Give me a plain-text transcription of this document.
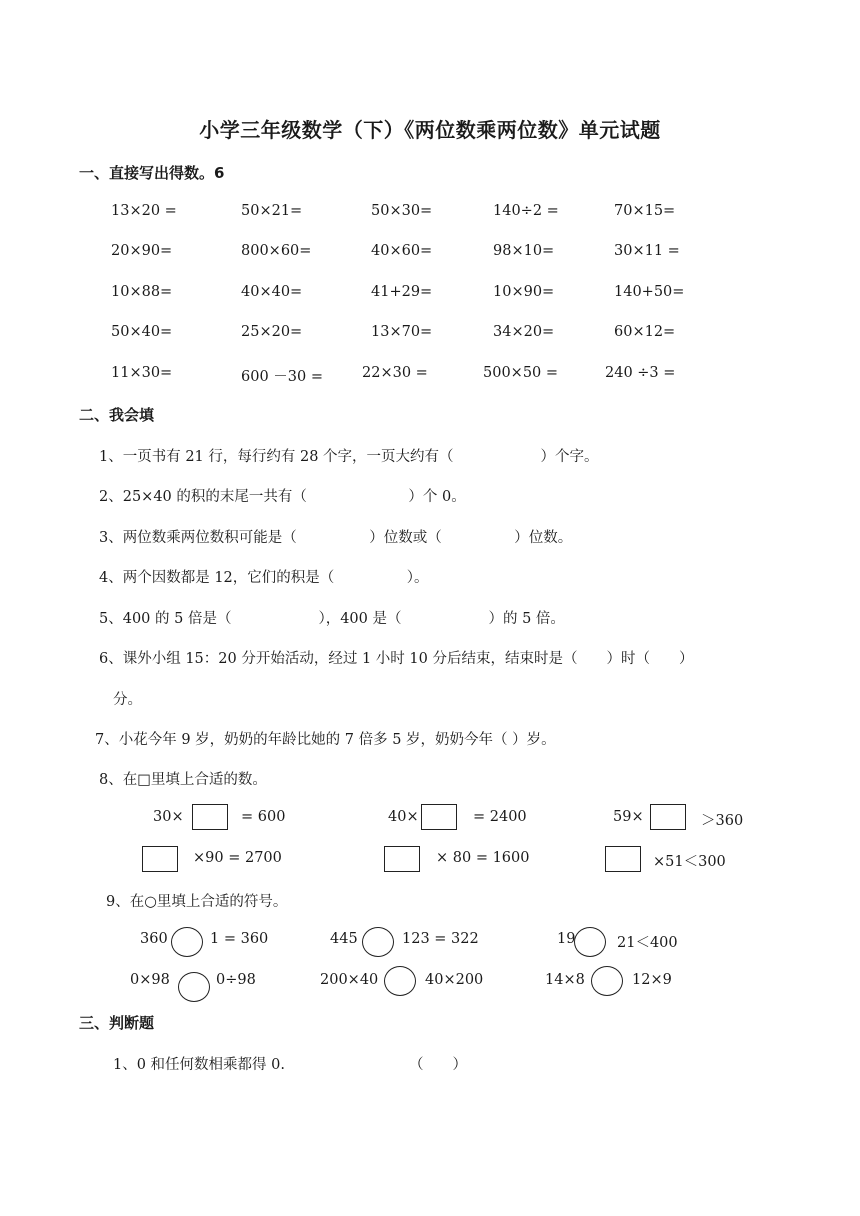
小学三年级数学（下）《两位数乘两位数》单元试题
一、直接写出得数。6
13×20 =	50×21=	50×30=	140÷2 =	70×15=
20×90=	800×60=	40×60=	98×10=	30×11 =
10×88=	40×40=	41+29=	10×90=	140+50=
50×40=	25×20=	13×70=	34×20=	60×12=
11×30=	600 －30 =	22×30 =	500×50 =	240 ÷3 =
二、我会填
1、一页书有 21 行，每行约有 28 个字，一页大约有（　　　　　　）个字。
2、25×40 的积的末尾一共有（　　　　　　　）个 0。
3、两位数乘两位数积可能是（　　　　　）位数或（　　　　　）位数。
4、两个因数都是 12，它们的积是（　　　　　）。
5、400 的 5 倍是（　　　　　　），400 是（　　　　　　）的 5 倍。
6、课外小组 15：20 分开始活动，经过 1 小时 10 分后结束，结束时是（　　）时（　　）
分。
7、小花今年 9 岁，奶奶的年龄比她的 7 倍多 5 岁，奶奶今年（ ）岁。
8、在□里填上合适的数。
30×	= 600	40×	= 2400	59×	＞360
×90 = 2700	× 80 = 1600	×51＜300
9、在○里填上合适的符号。
360	1 = 360	445	123 = 322	19	21＜400
0×98	0÷98	200×40	40×200	14×8	12×9
三、判断题
1、0 和任何数相乘都得 0.	（　　）
